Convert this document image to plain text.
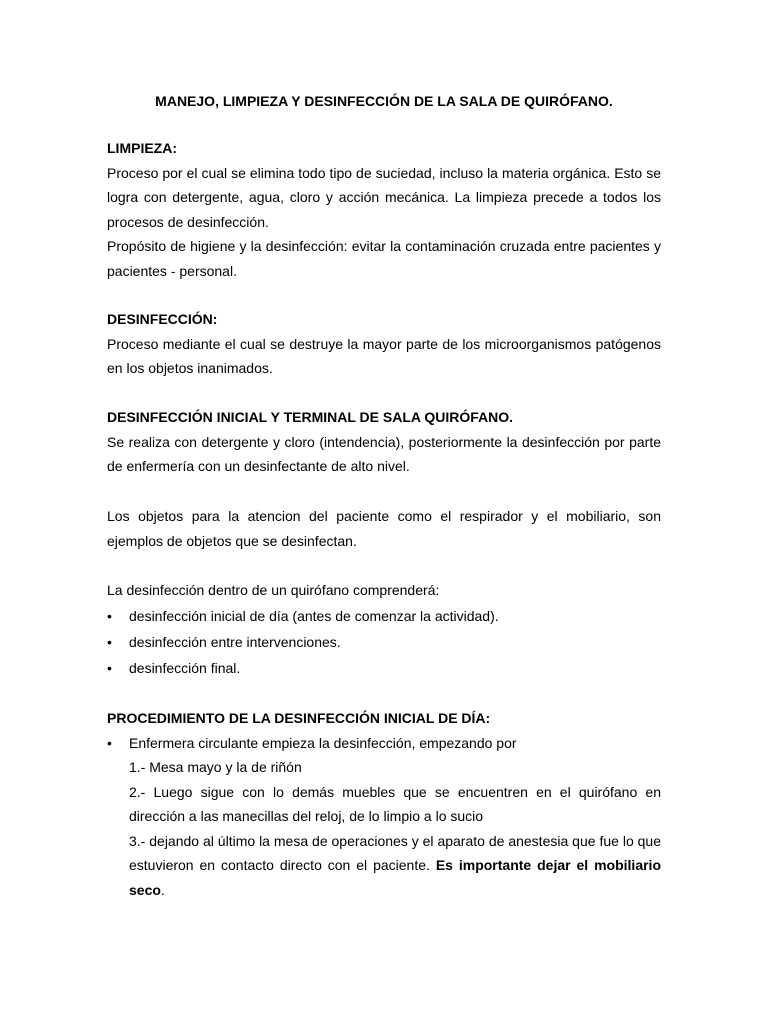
MANEJO, LIMPIEZA Y DESINFECCIÓN DE LA SALA DE QUIRÓFANO.
LIMPIEZA:

Proceso por el cual se elimina todo tipo de suciedad, incluso la materia orgánica. Esto se logra con detergente, agua, cloro y acción mecánica. La limpieza precede a todos los procesos de desinfección.

Propósito de higiene y la desinfección: evitar la contaminación cruzada entre pacientes y pacientes - personal.

DESINFECCIÓN:

Proceso mediante el cual se destruye la mayor parte de los microorganismos patógenos en los objetos inanimados.

DESINFECCIÓN INICIAL Y TERMINAL DE SALA QUIRÓFANO.

Se realiza con detergente y cloro (intendencia), posteriormente la desinfección por parte de enfermería con un desinfectante de alto nivel.

Los objetos para la atencion del paciente como el respirador y el mobiliario, son ejemplos de objetos que se desinfectan.

La desinfección dentro de un quirófano comprenderá:

•	desinfección inicial de día (antes de comenzar la actividad).
•	desinfección entre intervenciones.
•	desinfección final.
PROCEDIMIENTO DE LA DESINFECCIÓN INICIAL DE DÍA:
•	Enfermera circulante empieza la desinfección, empezando por
1.- Mesa mayo y la de riñón
2.- Luego sigue con lo demás muebles que se encuentren en el quirófano en dirección a las manecillas del reloj, de lo limpio a lo sucio
3.- dejando al último la mesa de operaciones y el aparato de anestesia que fue lo que estuvieron en contacto directo con el paciente. Es importante dejar el mobiliario seco.
